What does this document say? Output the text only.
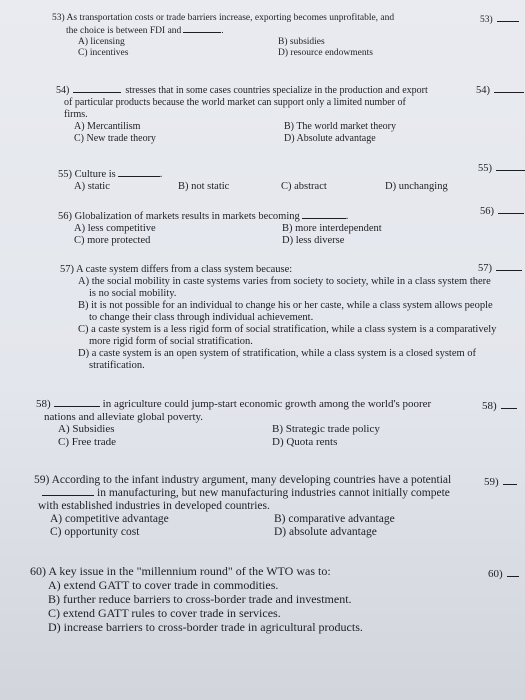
53) As transportation costs or trade barriers increase, exporting becomes unprofitable, and
the choice is between FDI and	.
A) licensing	B) subsidies
C) incentives	D) resource endowments
53)
54)	stresses that in some cases countries specialize in the production and export
of particular products because the world market can support only a limited number of
firms.
A) Mercantilism	B) The world market theory
C) New trade theory	D) Absolute advantage
54)
55) Culture is	.
A) static	B) not static	C) abstract	D) unchanging
55)
56) Globalization of markets results in markets becoming	.
A) less competitive	B) more interdependent
C) more protected	D) less diverse
56)
57) A caste system differs from a class system because:
A) the social mobility in caste systems varies from society to society, while in a class system there is no social mobility.
B) it is not possible for an individual to change his or her caste, while a class system allows people to change their class through individual achievement.
C) a caste system is a less rigid form of social stratification, while a class system is a comparatively more rigid form of social stratification.
D) a caste system is an open system of stratification, while a class system is a closed system of stratification.
57)
58)	in agriculture could jump-start economic growth among the world's poorer
nations and alleviate global poverty.
A) Subsidies	B) Strategic trade policy
C) Free trade	D) Quota rents
58)
59) According to the infant industry argument, many developing countries have a potential
in manufacturing, but new manufacturing industries cannot initially compete
with established industries in developed countries.
A) competitive advantage	B) comparative advantage
C) opportunity cost	D) absolute advantage
59)
60) A key issue in the "millennium round" of the WTO was to:
A) extend GATT to cover trade in commodities.
B) further reduce barriers to cross-border trade and investment.
C) extend GATT rules to cover trade in services.
D) increase barriers to cross-border trade in agricultural products.
60)
